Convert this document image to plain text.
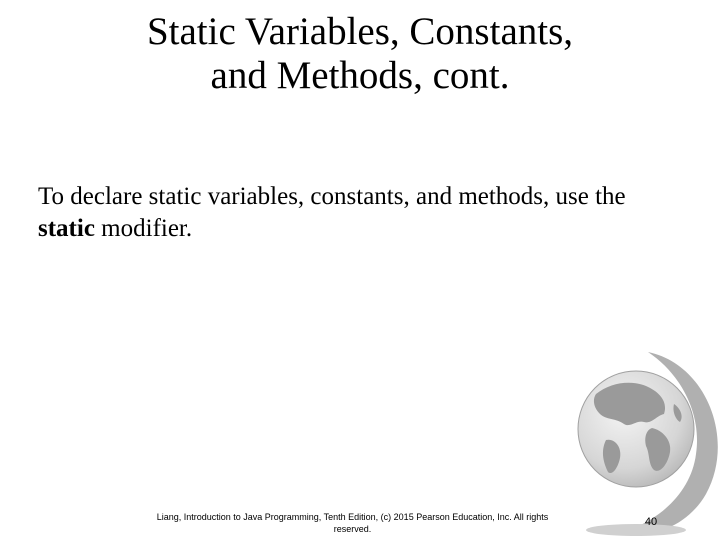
Static Variables, Constants,
and Methods, cont.
To declare static variables, constants, and methods, use the static modifier.
Liang, Introduction to Java Programming, Tenth Edition, (c) 2015 Pearson Education, Inc. All rights reserved.
40
